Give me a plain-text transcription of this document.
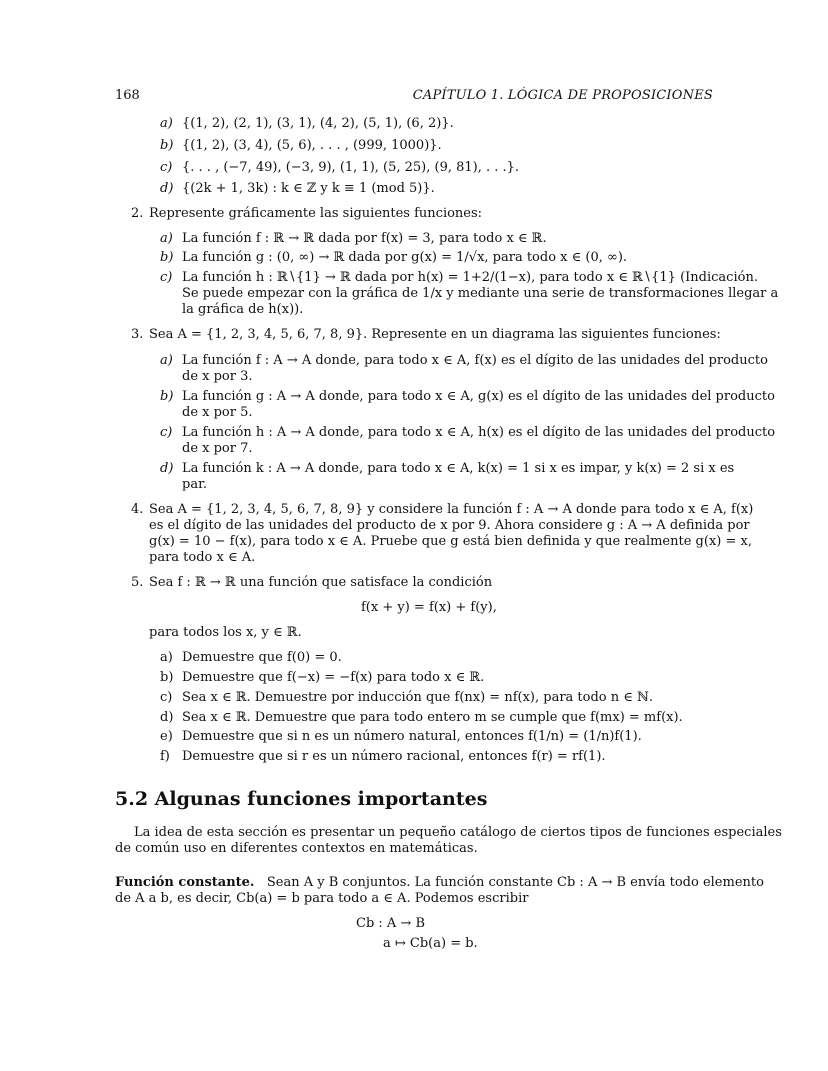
168	CAPÍTULO 1. LÓGICA DE PROPOSICIONES
a) {(1, 2), (2, 1), (3, 1), (4, 2), (5, 1), (6, 2)}.
b) {(1, 2), (3, 4), (5, 6), . . . , (999, 1000)}.
c) {. . . , (−7, 49), (−3, 9), (1, 1), (5, 25), (9, 81), . . .}.
d) {(2k + 1, 3k) : k ∈ ℤ y k ≡ 1 (mod 5)}.
2. Represente gráficamente las siguientes funciones:
a) La función f : ℝ → ℝ dada por f(x) = 3, para todo x ∈ ℝ.
b) La función g : (0, ∞) → ℝ dada por g(x) = 1/√x, para todo x ∈ (0, ∞).
c) La función h : ℝ∖{1} → ℝ dada por h(x) = 1+2/(1−x), para todo x ∈ ℝ∖{1} (Indicación.
Se puede empezar con la gráfica de 1/x y mediante una serie de transformaciones llegar a
la gráfica de h(x)).
3. Sea A = {1, 2, 3, 4, 5, 6, 7, 8, 9}. Represente en un diagrama las siguientes funciones:
a) La función f : A → A donde, para todo x ∈ A, f(x) es el dígito de las unidades del producto
de x por 3.
b) La función g : A → A donde, para todo x ∈ A, g(x) es el dígito de las unidades del producto
de x por 5.
c) La función h : A → A donde, para todo x ∈ A, h(x) es el dígito de las unidades del producto
de x por 7.
d) La función k : A → A donde, para todo x ∈ A, k(x) = 1 si x es impar, y k(x) = 2 si x es
par.
4. Sea A = {1, 2, 3, 4, 5, 6, 7, 8, 9} y considere la función f : A → A donde para todo x ∈ A, f(x)
es el dígito de las unidades del producto de x por 9. Ahora considere g : A → A definida por
g(x) = 10 − f(x), para todo x ∈ A. Pruebe que g está bien definida y que realmente g(x) = x,
para todo x ∈ A.
5. Sea f : ℝ → ℝ una función que satisface la condición
f(x + y) = f(x) + f(y),
para todos los x, y ∈ ℝ.
a) Demuestre que f(0) = 0.
b) Demuestre que f(−x) = −f(x) para todo x ∈ ℝ.
c) Sea x ∈ ℝ. Demuestre por inducción que f(nx) = nf(x), para todo n ∈ ℕ.
d) Sea x ∈ ℝ. Demuestre que para todo entero m se cumple que f(mx) = mf(x).
e) Demuestre que si n es un número natural, entonces f(1/n) = (1/n)f(1).
f) Demuestre que si r es un número racional, entonces f(r) = rf(1).
5.2 Algunas funciones importantes
La idea de esta sección es presentar un pequeño catálogo de ciertos tipos de funciones especiales
de común uso en diferentes contextos en matemáticas.
Función constante. Sean A y B conjuntos. La función constante Cb : A → B envía todo elemento
de A a b, es decir, Cb(a) = b para todo a ∈ A. Podemos escribir
Cb : A → B
a ↦ Cb(a) = b.
